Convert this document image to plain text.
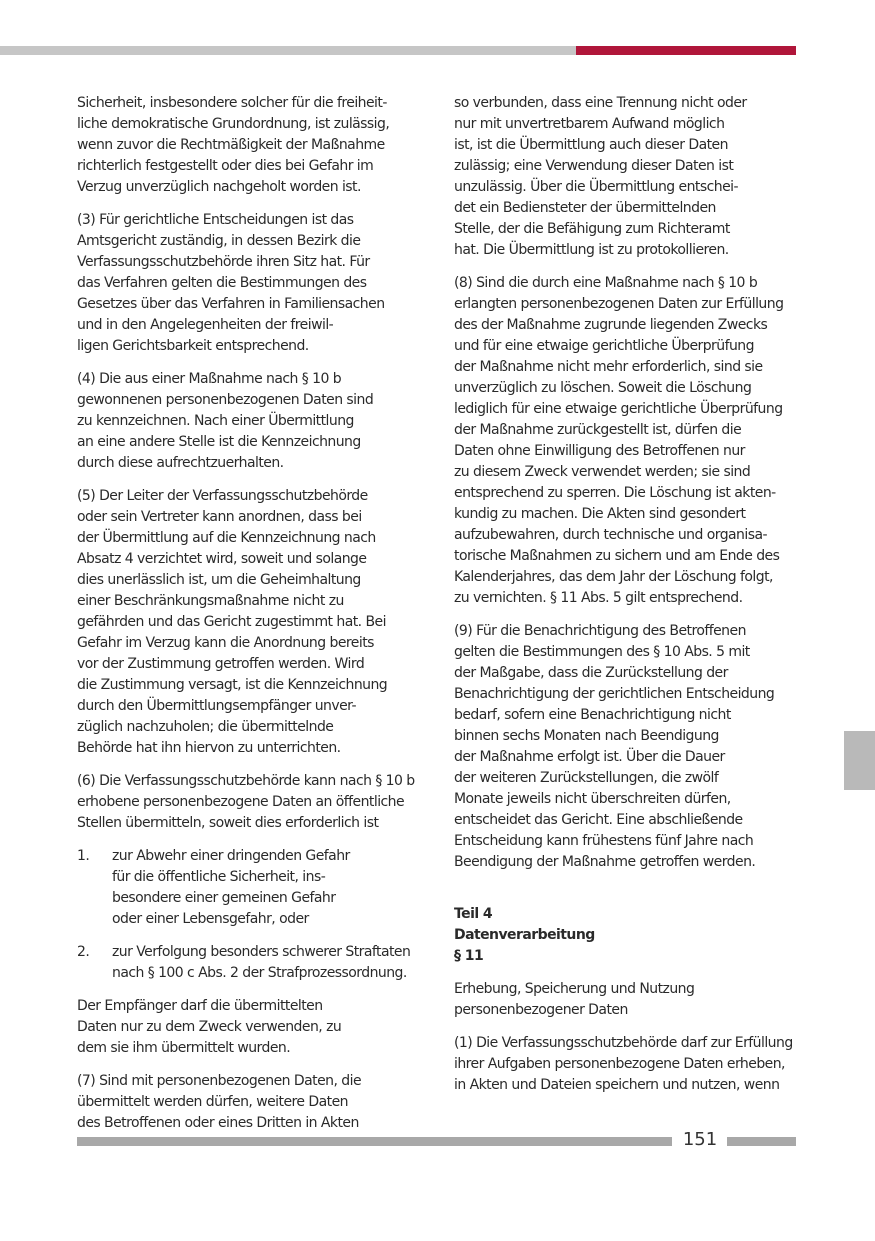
Sicherheit, insbesondere solcher für die freiheit-
liche demokratische Grundordnung, ist zulässig,
wenn zuvor die Rechtmäßigkeit der Maßnahme
richterlich festgestellt oder dies bei Gefahr im
Verzug unverzüglich nachgeholt worden ist.

(3) Für gerichtliche Entscheidungen ist das
Amtsgericht zuständig, in dessen Bezirk die
Verfassungsschutzbehörde ihren Sitz hat. Für
das Verfahren gelten die Bestimmungen des
Gesetzes über das Verfahren in Familiensachen
und in den Angelegenheiten der freiwil-
ligen Gerichtsbarkeit entsprechend.

(4) Die aus einer Maßnahme nach § 10 b
gewonnenen personenbezogenen Daten sind
zu kennzeichnen. Nach einer Übermittlung
an eine andere Stelle ist die Kennzeichnung
durch diese aufrechtzuerhalten.

(5) Der Leiter der Verfassungsschutzbehörde
oder sein Vertreter kann anordnen, dass bei
der Übermittlung auf die Kennzeichnung nach
Absatz 4 verzichtet wird, soweit und solange
dies unerlässlich ist, um die Geheimhaltung
einer Beschränkungsmaßnahme nicht zu
gefährden und das Gericht zugestimmt hat. Bei
Gefahr im Verzug kann die Anordnung bereits
vor der Zustimmung getroffen werden. Wird
die Zustimmung versagt, ist die Kennzeichnung
durch den Übermittlungsempfänger unver-
züglich nachzuholen; die übermittelnde
Behörde hat ihn hiervon zu unterrichten.

(6) Die Verfassungsschutzbehörde kann nach § 10 b
erhobene personenbezogene Daten an öffentliche
Stellen übermitteln, soweit dies erforderlich ist

1. zur Abwehr einer dringenden Gefahr
für die öffentliche Sicherheit, ins-
besondere einer gemeinen Gefahr
oder einer Lebensgefahr, oder
2. zur Verfolgung besonders schwerer Straftaten
nach § 100 c Abs. 2 der Strafprozessordnung.

Der Empfänger darf die übermittelten
Daten nur zu dem Zweck verwenden, zu
dem sie ihm übermittelt wurden.

(7) Sind mit personenbezogenen Daten, die
übermittelt werden dürfen, weitere Daten
des Betroffenen oder eines Dritten in Akten

so verbunden, dass eine Trennung nicht oder
nur mit unvertretbarem Aufwand möglich
ist, ist die Übermittlung auch dieser Daten
zulässig; eine Verwendung dieser Daten ist
unzulässig. Über die Übermittlung entschei-
det ein Bediensteter der übermittelnden
Stelle, der die Befähigung zum Richteramt
hat. Die Übermittlung ist zu protokollieren.

(8) Sind die durch eine Maßnahme nach § 10 b
erlangten personenbezogenen Daten zur Erfüllung
des der Maßnahme zugrunde liegenden Zwecks
und für eine etwaige gerichtliche Überprüfung
der Maßnahme nicht mehr erforderlich, sind sie
unverzüglich zu löschen. Soweit die Löschung
lediglich für eine etwaige gerichtliche Überprüfung
der Maßnahme zurückgestellt ist, dürfen die
Daten ohne Einwilligung des Betroffenen nur
zu diesem Zweck verwendet werden; sie sind
entsprechend zu sperren. Die Löschung ist akten-
kundig zu machen. Die Akten sind gesondert
aufzubewahren, durch technische und organisa-
torische Maßnahmen zu sichern und am Ende des
Kalenderjahres, das dem Jahr der Löschung folgt,
zu vernichten. § 11 Abs. 5 gilt entsprechend.

(9) Für die Benachrichtigung des Betroffenen
gelten die Bestimmungen des § 10 Abs. 5 mit
der Maßgabe, dass die Zurückstellung der
Benachrichtigung der gerichtlichen Entscheidung
bedarf, sofern eine Benachrichtigung nicht
binnen sechs Monaten nach Beendigung
der Maßnahme erfolgt ist. Über die Dauer
der weiteren Zurückstellungen, die zwölf
Monate jeweils nicht überschreiten dürfen,
entscheidet das Gericht. Eine abschließende
Entscheidung kann frühestens fünf Jahre nach
Beendigung der Maßnahme getroffen werden.

Teil 4
Datenverarbeitung
§ 11

Erhebung, Speicherung und Nutzung
personenbezogener Daten

(1) Die Verfassungsschutzbehörde darf zur Erfüllung
ihrer Aufgaben personenbezogene Daten erheben,
in Akten und Dateien speichern und nutzen, wenn

151
